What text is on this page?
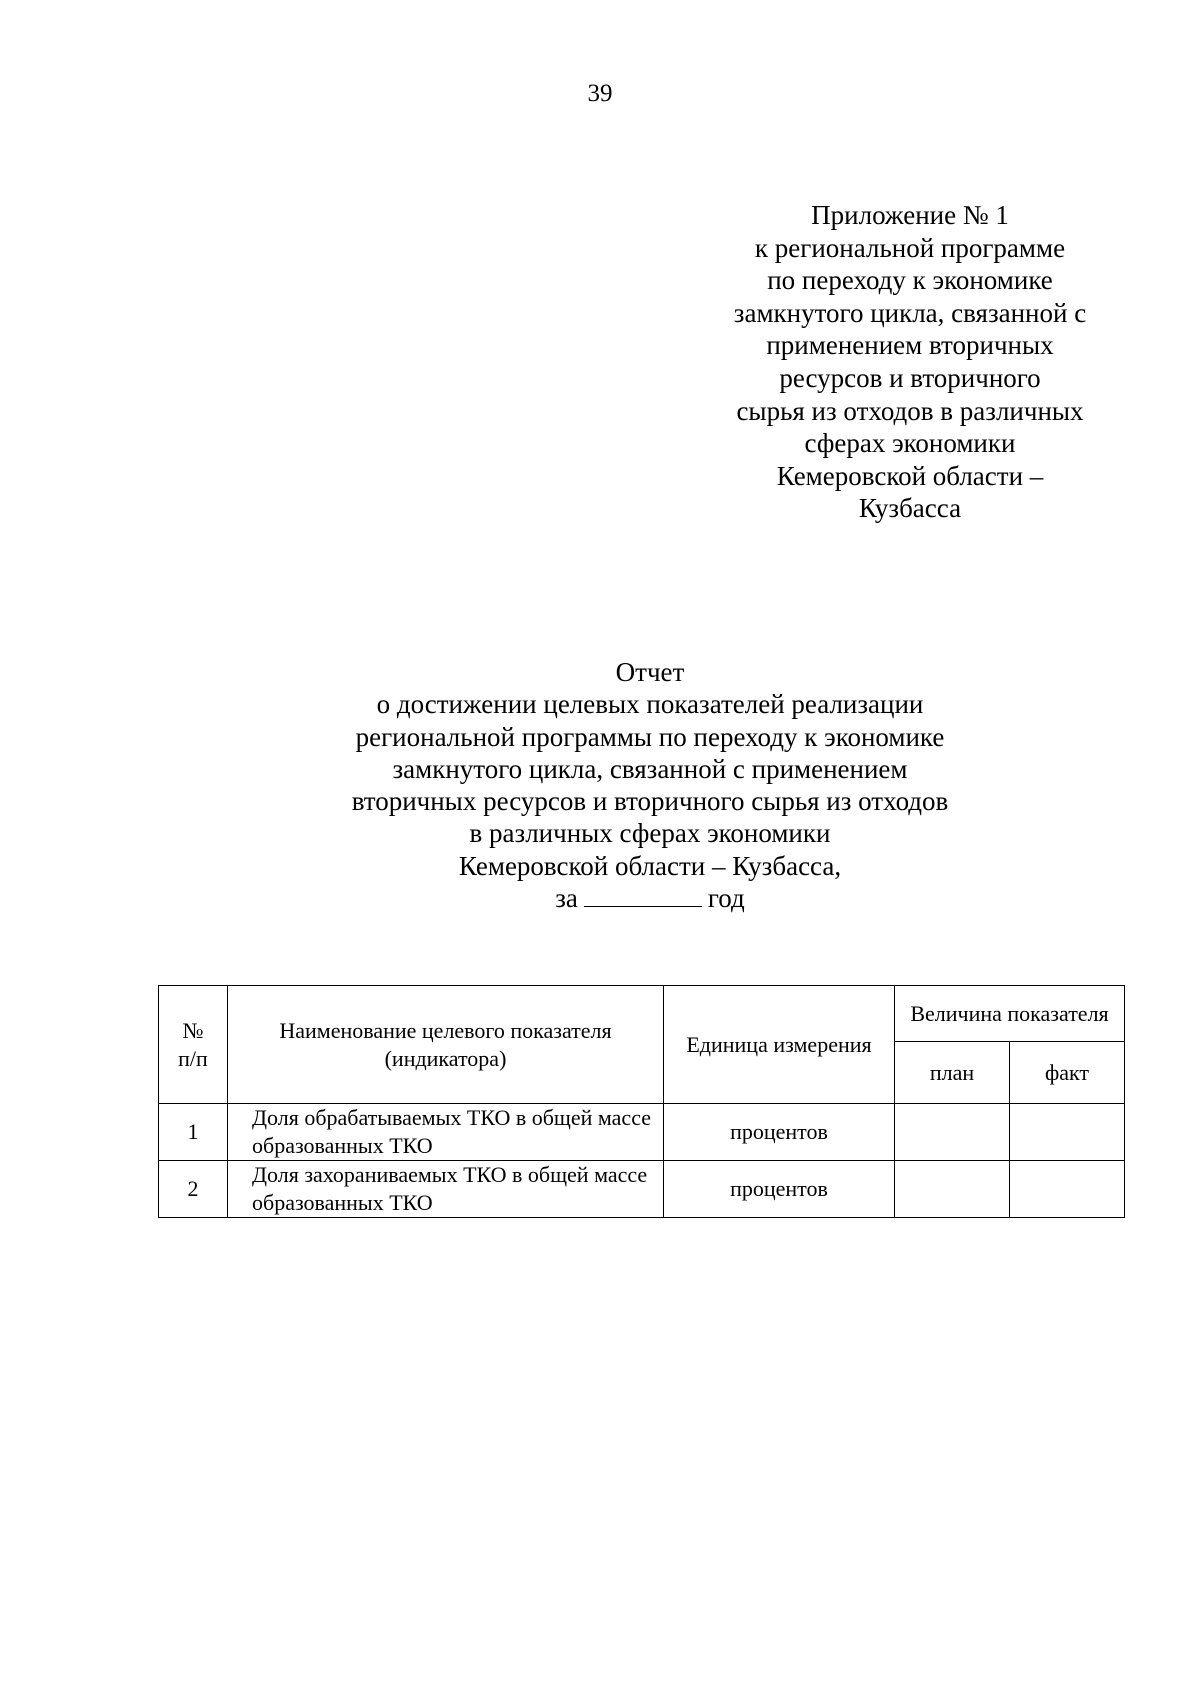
39
Приложение № 1
к региональной программе
по переходу к экономике
замкнутого цикла, связанной с
применением вторичных
ресурсов и вторичного
сырья из отходов в различных
сферах экономики
Кемеровской области –
Кузбасса
Отчет
о достижении целевых показателей реализации
региональной программы по переходу к экономике
замкнутого цикла, связанной с применением
вторичных ресурсов и вторичного сырья из отходов
в различных сферах экономики
Кемеровской области – Кузбасса,
за	год
№
п/п	Наименование целевого показателя (индикатора)	Единица измерения	Величина показателя	
			план	факт
1	Доля обрабатываемых ТКО в общей массе образованных ТКО	процентов		
2	Доля захораниваемых ТКО в общей массе образованных ТКО	процентов		
